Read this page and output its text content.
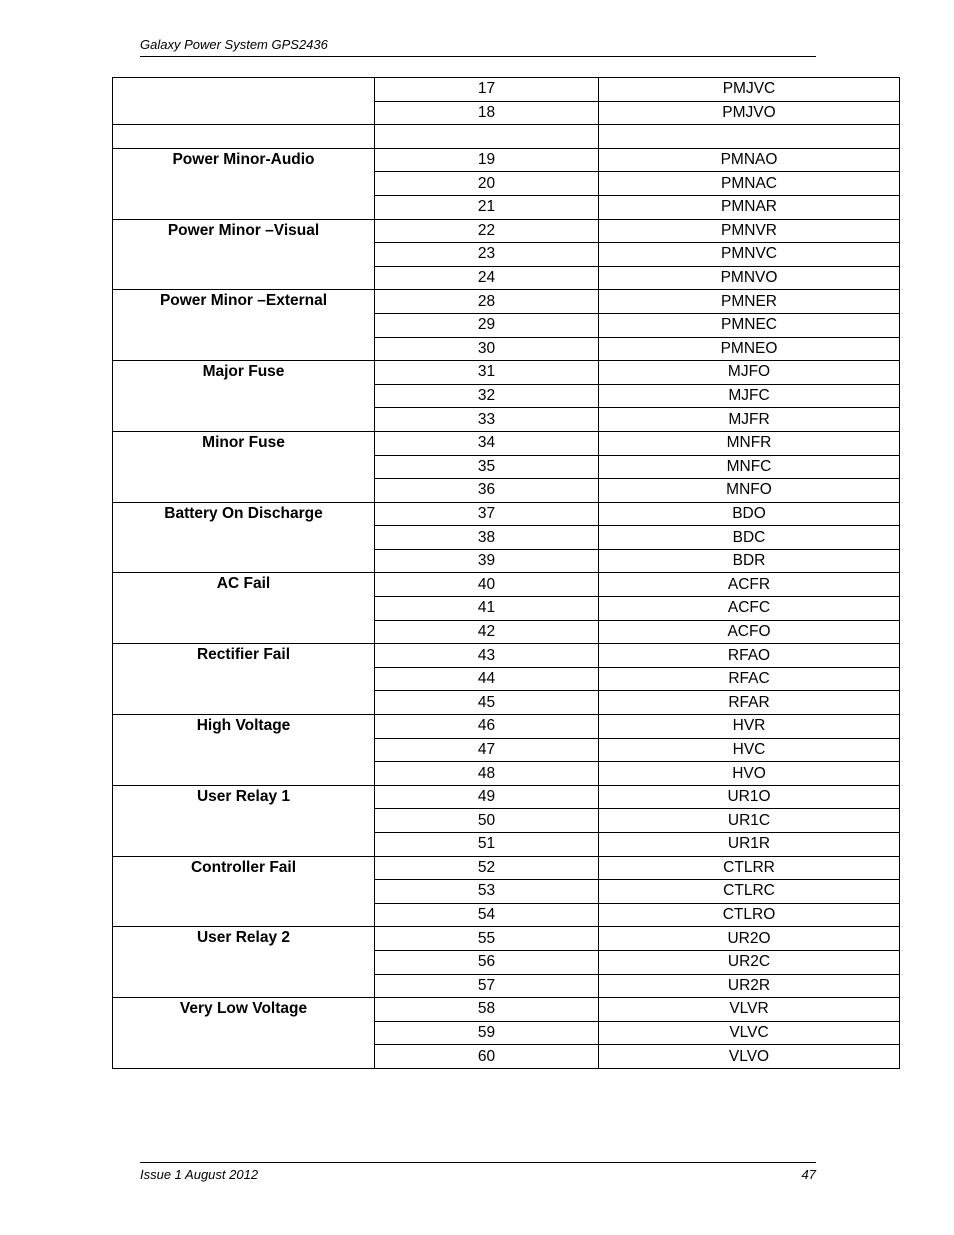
Galaxy Power System GPS2436
	17	PMJVC
	18	PMJVO

Power Minor-Audio	19	PMNAO
	20	PMNAC
	21	PMNAR
Power Minor –Visual	22	PMNVR
	23	PMNVC
	24	PMNVO
Power Minor –External	28	PMNER
	29	PMNEC
	30	PMNEO
Major Fuse	31	MJFO
	32	MJFC
	33	MJFR
Minor Fuse	34	MNFR
	35	MNFC
	36	MNFO
Battery On Discharge	37	BDO
	38	BDC
	39	BDR
AC Fail	40	ACFR
	41	ACFC
	42	ACFO
Rectifier Fail	43	RFAO
	44	RFAC
	45	RFAR
High Voltage	46	HVR
	47	HVC
	48	HVO
User Relay 1	49	UR1O
	50	UR1C
	51	UR1R
Controller Fail	52	CTLRR
	53	CTLRC
	54	CTLRO
User Relay 2	55	UR2O
	56	UR2C
	57	UR2R
Very Low Voltage	58	VLVR
	59	VLVC
	60	VLVO
Issue 1 August 2012	47
